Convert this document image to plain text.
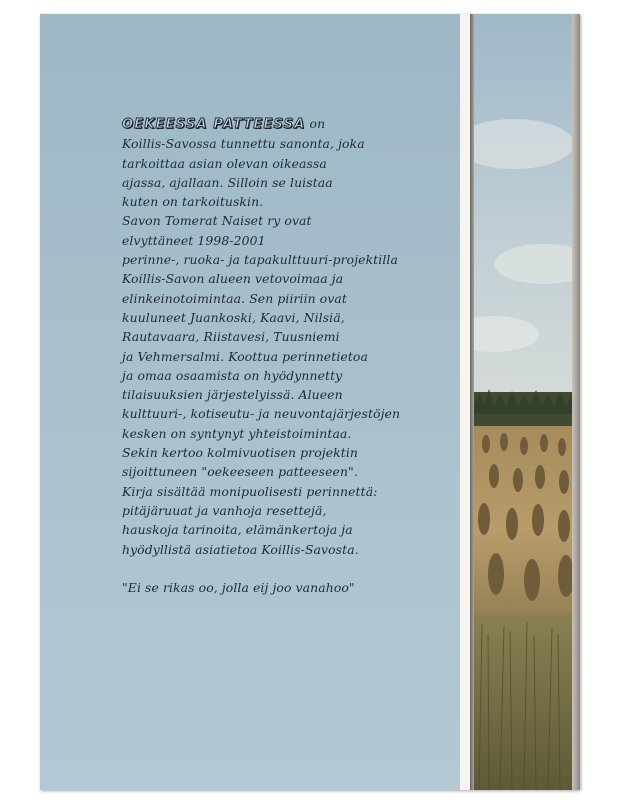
OEKEESSA PATTEESSA on
Koillis-Savossa tunnettu sanonta, joka
tarkoittaa asian olevan oikeassa
ajassa, ajallaan. Silloin se luistaa
kuten on tarkoituskin.
Savon Tomerat Naiset ry ovat
elvyttäneet 1998-2001
perinne-, ruoka- ja tapakulttuuri-projektilla
Koillis-Savon alueen vetovoimaa ja
elinkeinotoimintaa. Sen piiriin ovat
kuuluneet Juankoski, Kaavi, Nilsiä,
Rautavaara, Riistavesi, Tuusniemi
ja Vehmersalmi. Koottua perinnetietoa
ja omaa osaamista on hyödynnetty
tilaisuuksien järjestelyissä. Alueen
kulttuuri-, kotiseutu- ja neuvontajärjestöjen
kesken on syntynyt yhteistoimintaa.
Sekin kertoo kolmivuotisen projektin
sijoittuneen "oekeeseen patteeseen".
Kirja sisältää monipuolisesti perinnettä:
pitäjäruuat ja vanhoja resettejä,
hauskoja tarinoita, elämänkertoja ja
hyödyllistä asiatietoa Koillis-Savosta.
"Ei se rikas oo, jolla eij joo vanahoo"
